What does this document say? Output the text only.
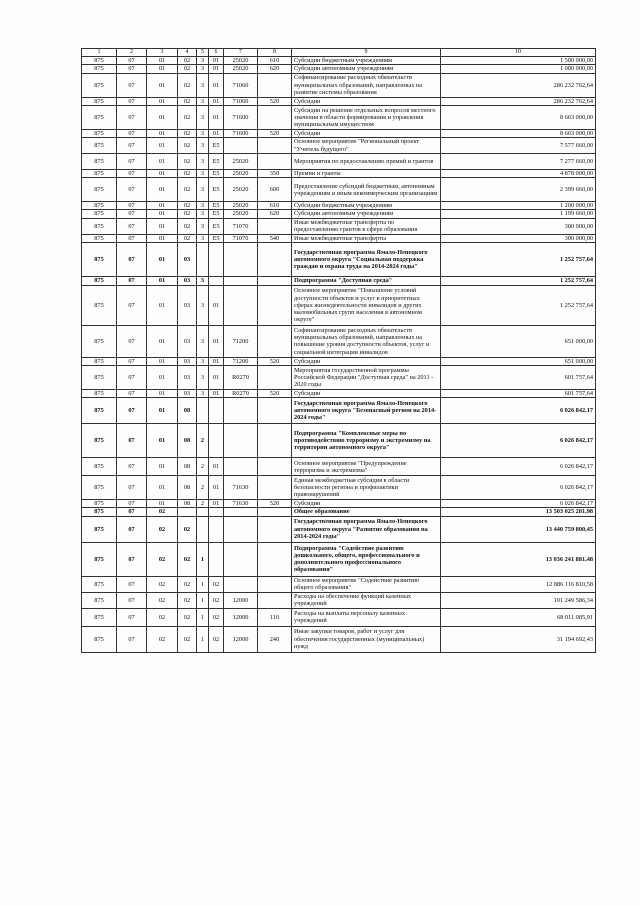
1	2	3	4	5	6	7	8	9	10
875	07	01	02	3	01	25020	610	Субсидии бюджетным учреждениям	1 500 000,00
875	07	01	02	3	01	25020	620	Субсидии автономным учреждениям	1 000 000,00
875	07	01	02	3	01	71060		Софинансирование расходных обязательств муниципальных образований, направленных на развитие системы образования	286 232 762,64
875	07	01	02	3	01	71060	520	Субсидии	286 232 762,64
875	07	01	02	3	01	71600		Субсидии на решение отдельных вопросов местного значения в области формирования и управления муниципальным имуществом	8 603 000,00
875	07	01	02	3	01	71600	520	Субсидии	8 603 000,00
875	07	01	02	3	E5			Основное мероприятие "Региональный проект "Учитель будущего"	7 577 660,00
875	07	01	02	3	E5	25020		Мероприятия по предоставлению премий и грантов	7 277 660,00
875	07	01	02	3	E5	25020	350	Премии и гранты	4 878 000,00
875	07	01	02	3	E5	25020	600	Предоставление субсидий бюджетным, автономным учреждениям и иным некоммерческим организациям	2 399 660,00
875	07	01	02	3	E5	25020	610	Субсидии бюджетным учреждениям	1 200 000,00
875	07	01	02	3	E5	25020	620	Субсидии автономным учреждениям	1 199 660,00
875	07	01	02	3	E5	71070		Иные межбюджетные трансферты по предоставлению грантов в сфере образования	300 000,00
875	07	01	02	3	E5	71070	540	Иные межбюджетные трансферты	300 000,00
875	07	01	03					Государственная программа Ямало-Ненецкого автономного округа "Социальная поддержка граждан и охрана труда на 2014-2024 годы"	1 252 757,64
875	07	01	03	3				Подпрограмма "Доступная среда"	1 252 757,64
875	07	01	03	3	01			Основное мероприятие "Повышение условий доступности объектов и услуг в приоритетных сферах жизнедеятельности инвалидов и других маломобильных групп населения в автономном округе"	1 252 757,64
875	07	01	03	3	01	71200		Софинансирование расходных обязательств муниципальных образований, направленных на повышение уровня доступности объектов, услуг и социальной интеграции инвалидов	651 000,00
875	07	01	03	3	01	71200	520	Субсидии	651 000,00
875	07	01	03	3	01	R0270		Мероприятия государственной программы Российской Федерации "Доступная среда" на 2011 - 2020 годы	601 757,64
875	07	01	03	3	01	R0270	520	Субсидии	601 757,64
875	07	01	08					Государственная программа Ямало-Ненецкого автономного округа "Безопасный регион на 2014-2024 годы"	6 026 842,17
875	07	01	08	2				Подпрограмма "Комплексные меры по противодействию терроризму и экстремизму на территории автономного округа"	6 026 842,17
875	07	01	08	2	01			Основное мероприятие "Предупреждение терроризма и экстремизма"	6 026 842,17
875	07	01	08	2	01	71630		Единая межбюджетная субсидия в области безопасности региона и профилактики правонарушений	6 026 842,17
875	07	01	08	2	01	71630	520	Субсидии	6 026 842,17
875	07	02						Общее образование	13 503 025 281,98
875	07	02	02					Государственная программа Ямало-Ненецкого автономного округа "Развитие образования на 2014-2024 годы"	13 440 759 800,45
875	07	02	02	1				Подпрограмма "Содействие развитию дошкольного, общего, профессионального и дополнительного профессионального образования"	13 036 241 881,48
875	07	02	02	1	02			Основное мероприятие "Содействие развитию общего образования"	12 886 116 810,58
875	07	02	02	1	02	12000		Расходы на обеспечение функций казенных учреждений	101 249 586,34
875	07	02	02	1	02	12000	110	Расходы на выплаты персоналу казенных учреждений	68 011 085,91
875	07	02	02	1	02	12000	240	Иные закупки товаров, работ и услуг для обеспечения государственных (муниципальных) нужд	31 194 692,43
